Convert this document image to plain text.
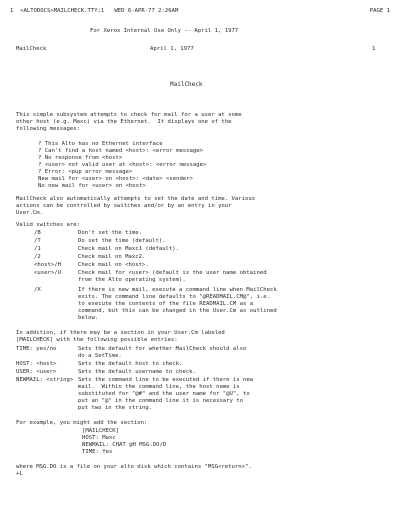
1  <ALTODOCS>MAILCHECK.TTY;1   WED 6-APR-77 2:26AM	PAGE 1
For Xerox Internal Use Only -- April 1, 1977
MailCheck	April 1, 1977	1
MailCheck
This simple subsystem attempts to check for mail for a user at some
other host (e.g. Maxc) via the Ethernet.  It displays one of the
following messages:
? This Alto has no Ethernet interface
? Can't find a host named <host>: <error message>
? No response from <host>
? <user> not valid user at <host>: <error message>
? Error: <pup error message>
New mail for <user> on <host>: <date> <sender>
No new mail for <user> on <host>
MailCheck also automatically attempts to set the date and time. Various
actions can be controlled by switches and/or by an entry in your
User.Cm.
Valid switches are:
/B	Don't set the time.
/T	Do set the time (default).
/1	Check mail on Maxc1 (default).
/2	Check mail on Maxc2.
<host>/H	Check mail on <host>.
<user>/U	Check mail for <user> (default is the user name obtained
from the Alto operating system).
/X	If there is new mail, execute a command line when MailCheck
exits. The command line defaults to "@READMAIL.CM@", i.e.
to execute the contents of the file READMAIL.CM as a
command, but this can be changed in the User.Cm as outlined
below.
In addition, if there may be a section in your User.Cm labeled
[MAILCHECK] with the following possible entries:
TIME: yes/no	Sets the default for whether MailCheck should also
do a SetTime.
HOST: <host>	Sets the default host to check.
USER: <user>	Sets the default username to check.
NEWMAIL: <string> Sets the command line to be executed if there is new
mail.  Within the command line, the host name is
substituted for "@#" and the user name for "@U", to
put an "@" in the command line it is necessary to
put two in the string.
For example, you might add the section:
[MAILCHECK]
HOST: Maxc
NEWMAIL: CHAT @H MSG.DO/D
TIME: Yes
where MSG.DO is a file on your alto disk which contains "MSG<return>".
+L
